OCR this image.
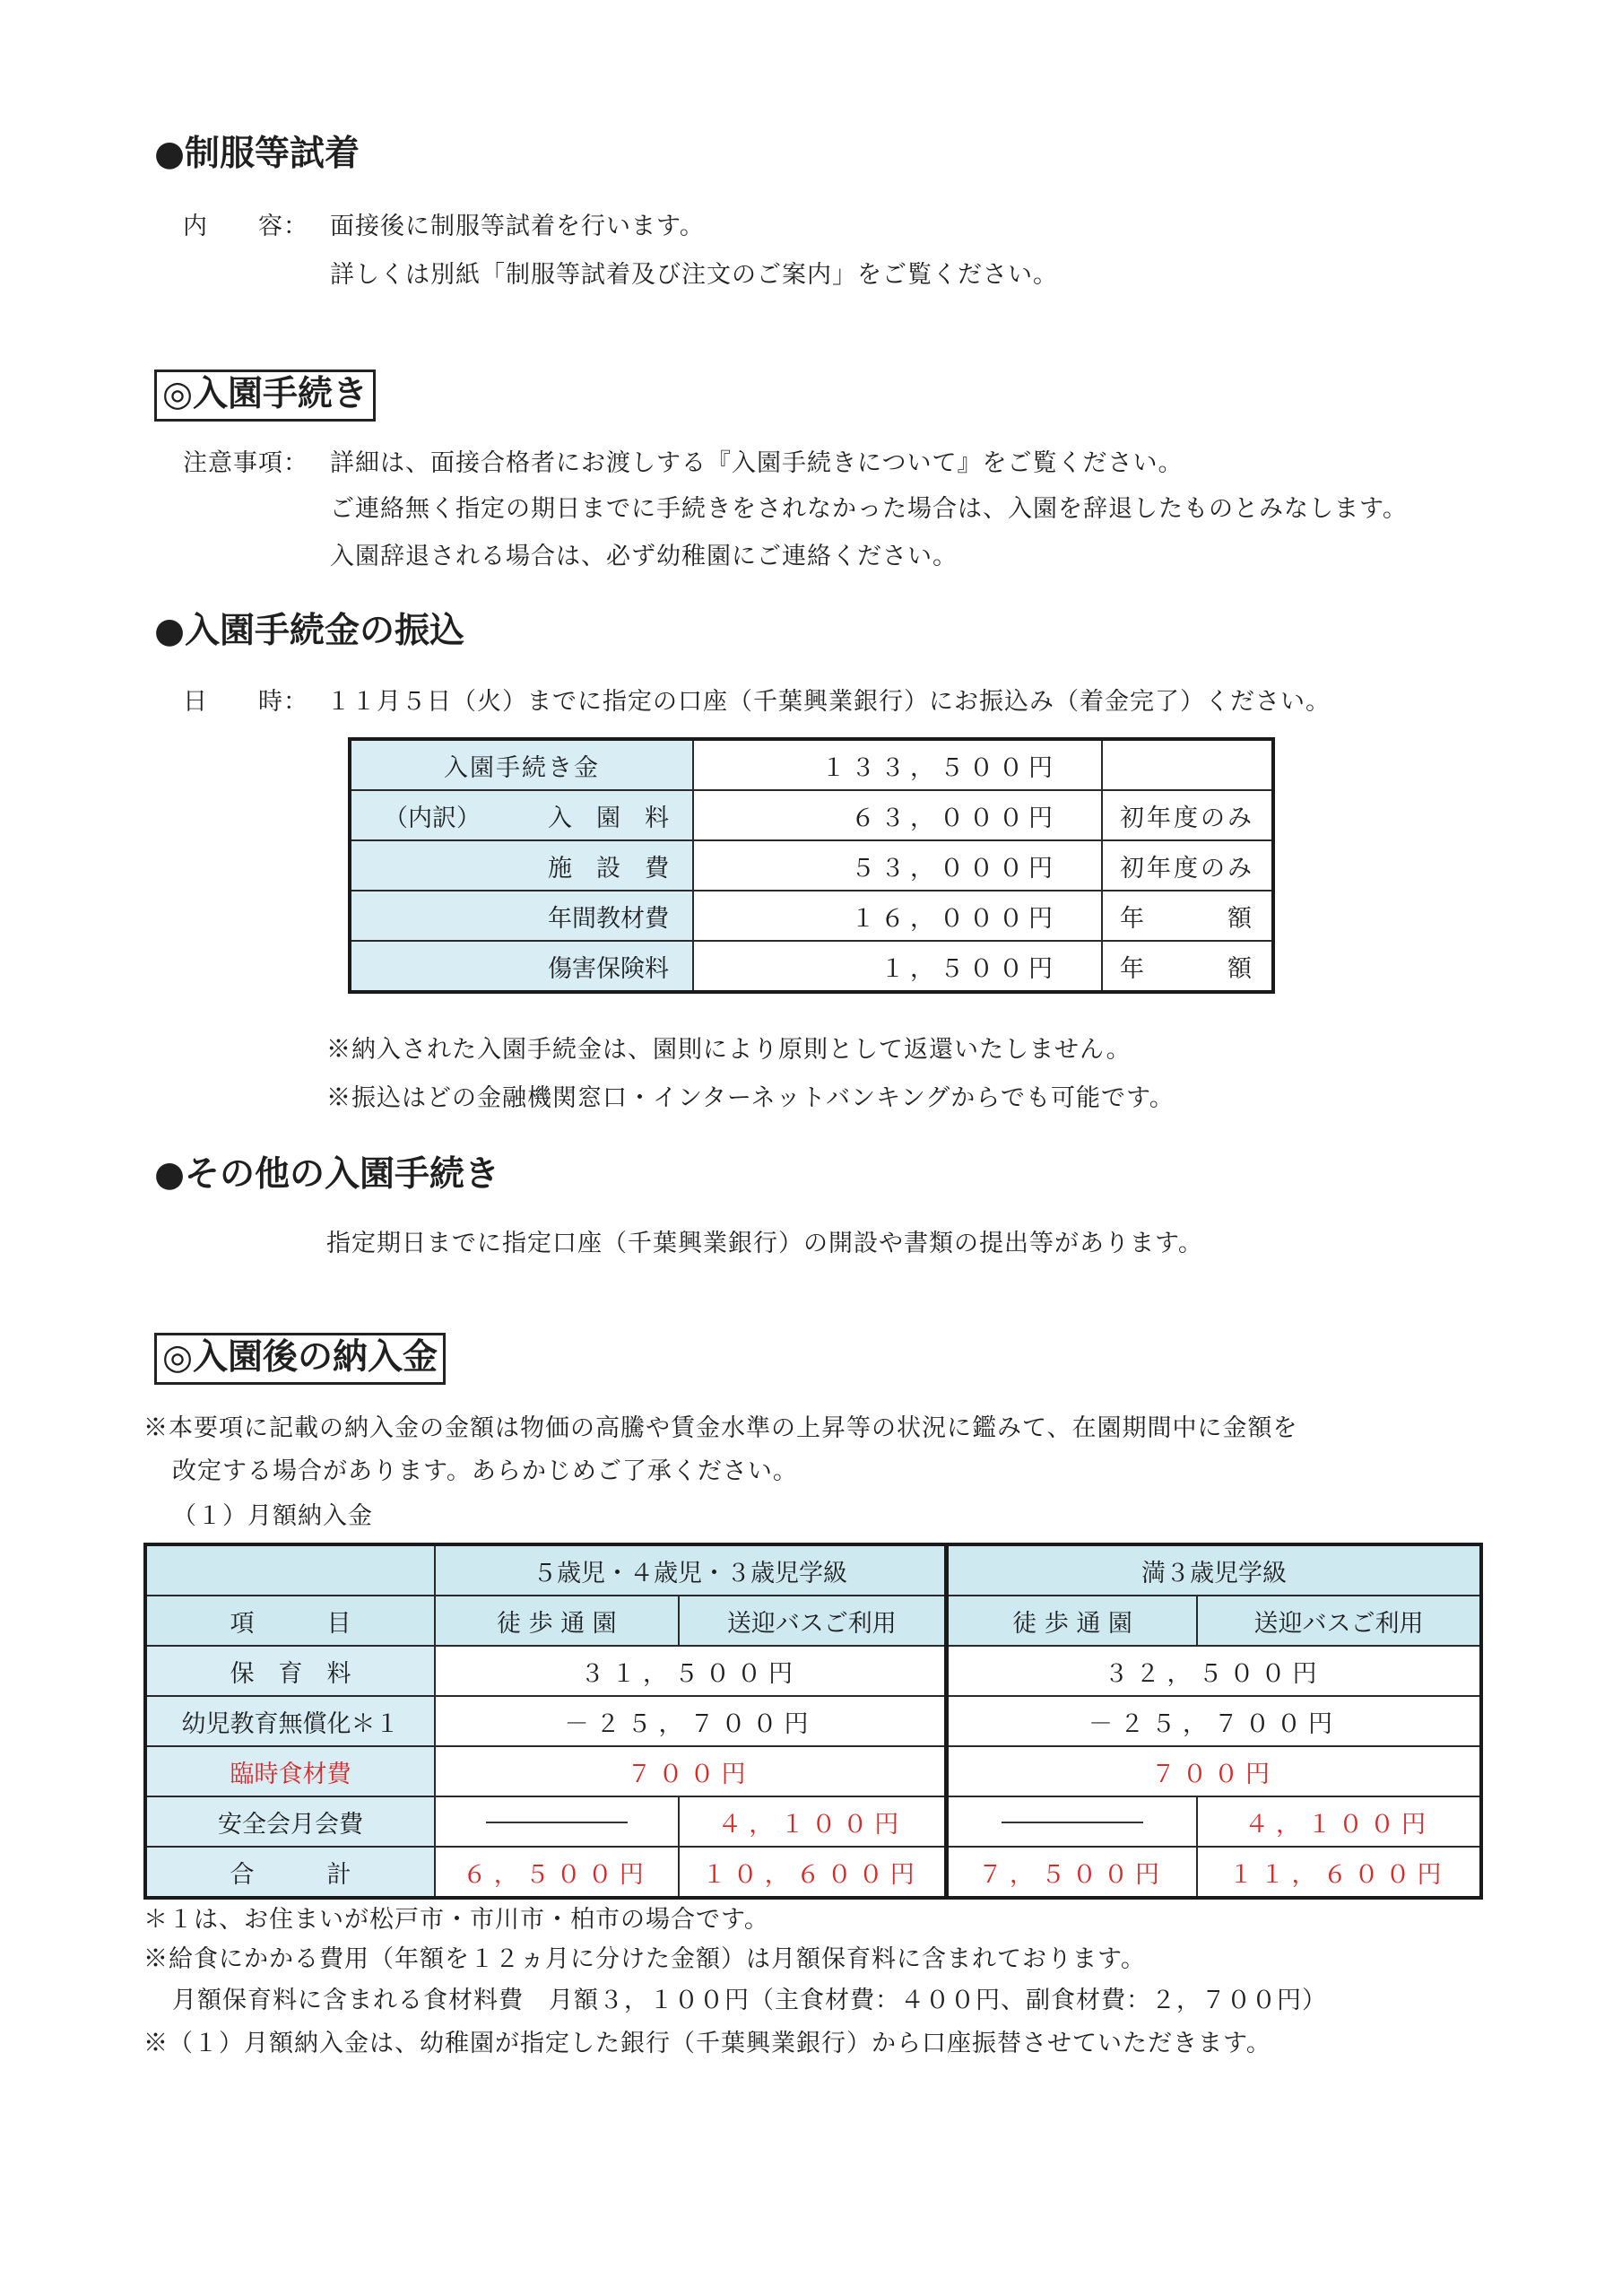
●制服等試着
内　　容： 面接後に制服等試着を行います。
詳しくは別紙「制服等試着及び注文のご案内」をご覧ください。
◎入園手続き
注意事項： 詳細は、面接合格者にお渡しする『入園手続きについて』をご覧ください。
ご連絡無く指定の期日までに手続きをされなかった場合は、入園を辞退したものとみなします。
入園辞退される場合は、必ず幼稚園にご連絡ください。
●入園手続金の振込
日　　時： １１月５日（火）までに指定の口座（千葉興業銀行）にお振込み（着金完了）ください。
入園手続き金	１３３，５００円	

（内訳） 入　園　料	６３，０００円	初年度のみ

施　設　費	５３，０００円	初年度のみ

年間教材費	１６，０００円	年　　　額

傷害保険料	１，５００円	年　　　額
※納入された入園手続金は、園則により原則として返還いたしません。
※振込はどの金融機関窓口・インターネットバンキングからでも可能です。
●その他の入園手続き
指定期日までに指定口座（千葉興業銀行）の開設や書類の提出等があります。
◎入園後の納入金
※本要項に記載の納入金の金額は物価の高騰や賃金水準の上昇等の状況に鑑みて、在園期間中に金額を
改定する場合があります。あらかじめご了承ください。
（１）月額納入金
	５歳児・４歳児・３歳児学級		満３歳児学級	
項　　　目	徒 歩 通 園	送迎バスご利用	徒 歩 通 園	送迎バスご利用
保　育　料	３１，５００円		３２，５００円	
幼児教育無償化＊１	－２５，７００円		－２５，７００円	
臨時食材費	７００円		７００円	
安全会月会費		４，１００円		４，１００円
合　　　計	６，５００円	１０，６００円	７，５００円	１１，６００円
＊１は、お住まいが松戸市・市川市・柏市の場合です。
※給食にかかる費用（年額を１２ヵ月に分けた金額）は月額保育料に含まれております。
月額保育料に含まれる食材料費　月額３，１００円（主食材費：４００円、副食材費：２，７００円）
※（１）月額納入金は、幼稚園が指定した銀行（千葉興業銀行）から口座振替させていただきます。
